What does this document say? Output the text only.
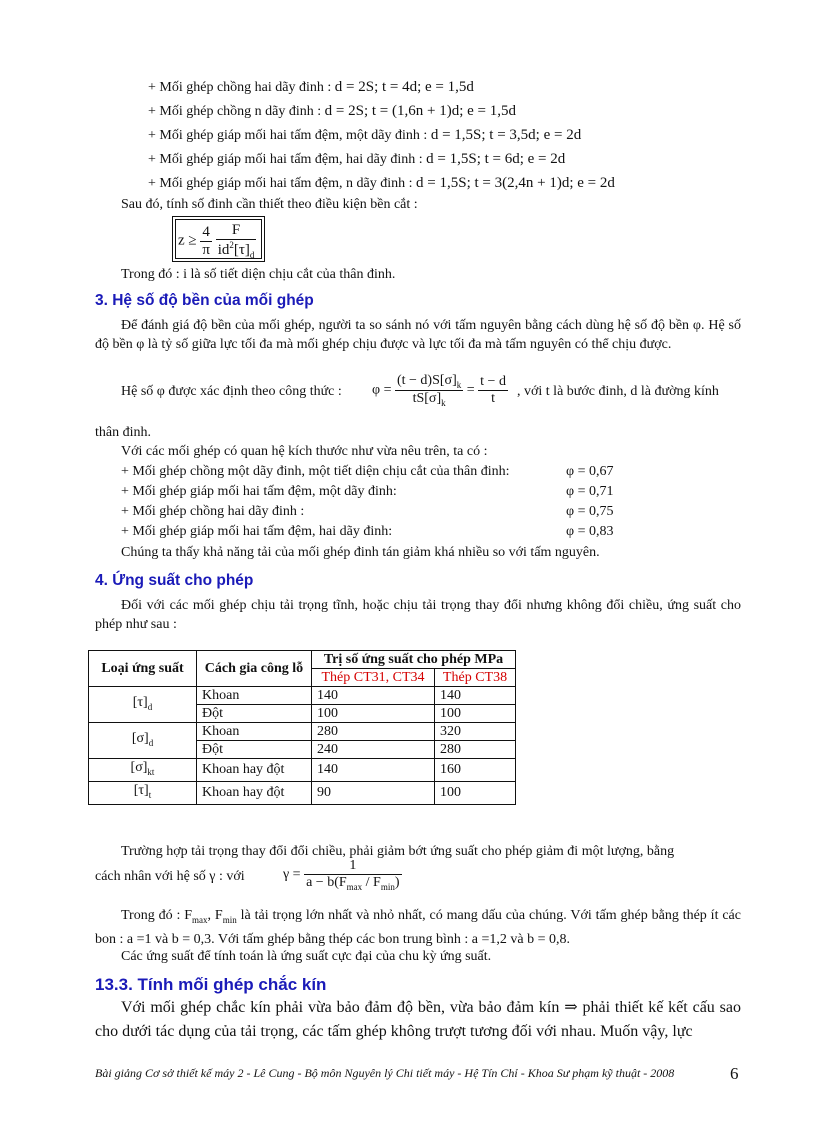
+ Mối ghép chồng hai dãy đinh : d = 2S; t = 4d; e = 1,5d
+ Mối ghép chồng n dãy đinh : d = 2S; t = (1,6n + 1)d; e = 1,5d
+ Mối ghép giáp mối hai tấm đệm, một dãy đinh : d = 1,5S; t = 3,5d; e = 2d
+ Mối ghép giáp mối hai tấm đệm, hai dãy đinh : d = 1,5S; t = 6d; e = 2d
+ Mối ghép giáp mối hai tấm đệm, n dãy đinh : d = 1,5S; t = 3(2,4n + 1)d; e = 2d
Sau đó, tính số đinh cần thiết theo điều kiện bền cắt :
$z \ge \frac{4}{\pi}$
$\frac{F}{id^2[\tau]_d}$
Trong đó : i là số tiết diện chịu cắt của thân đinh.
3. Hệ số độ bền của mối ghép
Để đánh giá độ bền của mối ghép, người ta so sánh nó với tấm nguyên bằng cách dùng hệ số độ bền φ. Hệ số độ bền φ là tỷ số giữa lực tối đa mà mối ghép chịu được và lực tối đa mà tấm nguyên có thể chịu được.
Hệ số φ được xác định theo công thức : $\varphi = \frac{(t - d)S[\sigma]_k}{tS[\sigma]_k} = \frac{t - d}{t}$ , với t là bước đinh, d là đường kính
thân đinh.
Với các mối ghép có quan hệ kích thước như vừa nêu trên, ta có :
+ Mối ghép chồng một dãy đinh, một tiết diện chịu cắt của thân đinh:	φ = 0,67
+ Mối ghép giáp mối hai tấm đệm, một dãy đinh:	φ = 0,71
+ Mối ghép chồng hai dãy đinh :	φ = 0,75
+ Mối ghép giáp mối hai tấm đệm, hai dãy đinh:	φ = 0,83
Chúng ta thấy khả năng tải của mối ghép đinh tán giảm khá nhiều so với tấm nguyên.
4. Ứng suất cho phép
Đối với các mối ghép chịu tải trọng tĩnh, hoặc chịu tải trọng thay đổi nhưng không đổi chiều, ứng suất cho phép như sau :
Loại ứng suất	Cách gia công lỗ	Trị số ứng suất cho phép MPa	
		Thép CT31, CT34	Thép CT38
$[\tau]_d$	Khoan	140	140
	Đột	100	100
$[\sigma]_d$	Khoan	280	320
	Đột	240	280
$[\sigma]_{kt}$	Khoan hay đột	140	160
$[\tau]_t$	Khoan hay đột	90	100
Trường hợp tải trọng thay đổi đổi chiều, phải giảm bớt ứng suất cho phép giảm đi một lượng, bằng
cách nhân với hệ số γ : với	$\gamma = \frac{1}{a - b(F_{max} / F_{min})}$
Trong đó : $F_{max}$, $F_{min}$ là tải trọng lớn nhất và nhỏ nhất, có mang dấu của chúng. Với tấm ghép bằng thép ít các bon : a =1 và b = 0,3. Với tấm ghép bằng thép các bon trung bình : a =1,2 và b = 0,8.
Các ứng suất để tính toán là ứng suất cực đại của chu kỳ ứng suất.
13.3. Tính mối ghép chắc kín
Với mối ghép chắc kín phải vừa bảo đảm độ bền, vừa bảo đảm kín ⇒ phải thiết kế kết cấu sao cho dưới tác dụng của tải trọng, các tấm ghép không trượt tương đối với nhau. Muốn vậy, lực
Bài giảng Cơ sở thiết kế máy 2 - Lê Cung - Bộ môn Nguyên lý Chi tiết máy - Hệ Tín Chỉ - Khoa Sư phạm kỹ thuật - 2008	6
